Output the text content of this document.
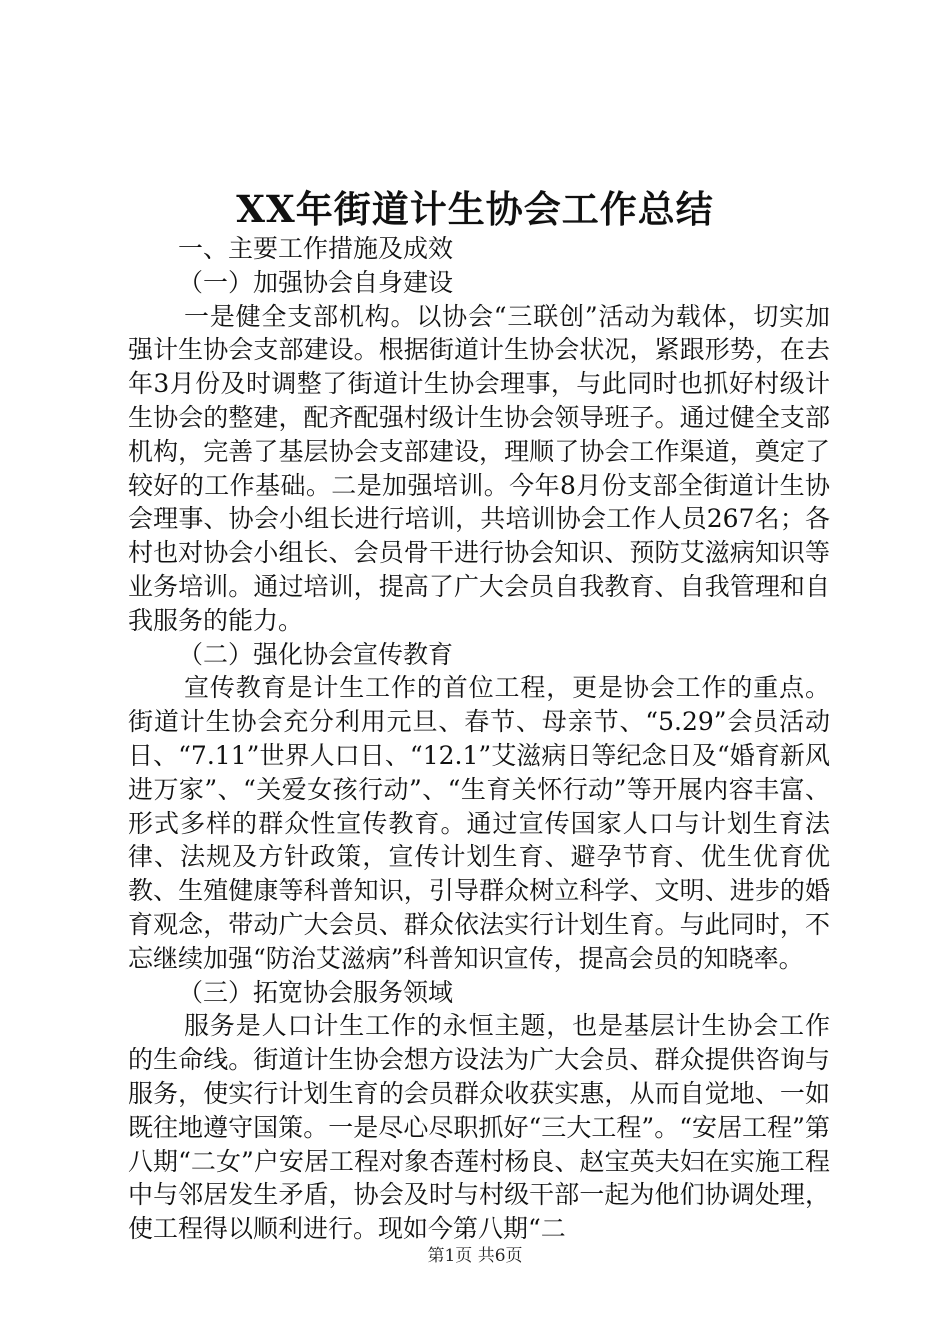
XX年街道计生协会工作总结

一、主要工作措施及成效

（一）加强协会自身建设

一是健全支部机构。以协会“三联创”活动为载体，切实加强计生协会支部建设。根据街道计生协会状况，紧跟形势，在去年3月份及时调整了街道计生协会理事，与此同时也抓好村级计生协会的整建，配齐配强村级计生协会领导班子。通过健全支部机构，完善了基层协会支部建设，理顺了协会工作渠道，奠定了较好的工作基础。二是加强培训。今年8月份支部全街道计生协会理事、协会小组长进行培训，共培训协会工作人员267名；各村也对协会小组长、会员骨干进行协会知识、预防艾滋病知识等业务培训。通过培训，提高了广大会员自我教育、自我管理和自我服务的能力。

（二）强化协会宣传教育

宣传教育是计生工作的首位工程，更是协会工作的重点。街道计生协会充分利用元旦、春节、母亲节、“5.29”会员活动日、“7.11”世界人口日、“12.1”艾滋病日等纪念日及“婚育新风进万家”、“关爱女孩行动”、“生育关怀行动”等开展内容丰富、形式多样的群众性宣传教育。通过宣传国家人口与计划生育法律、法规及方针政策，宣传计划生育、避孕节育、优生优育优教、生殖健康等科普知识，引导群众树立科学、文明、进步的婚育观念，带动广大会员、群众依法实行计划生育。与此同时，不忘继续加强“防治艾滋病”科普知识宣传，提高会员的知晓率。

（三）拓宽协会服务领域

服务是人口计生工作的永恒主题，也是基层计生协会工作的生命线。街道计生协会想方设法为广大会员、群众提供咨询与服务，使实行计划生育的会员群众收获实惠，从而自觉地、一如既往地遵守国策。一是尽心尽职抓好“三大工程”。“安居工程”第八期“二女”户安居工程对象杏莲村杨良、赵宝英夫妇在实施工程中与邻居发生矛盾，协会及时与村级干部一起为他们协调处理，使工程得以顺利进行。现如今第八期“二

第1页 共6页
